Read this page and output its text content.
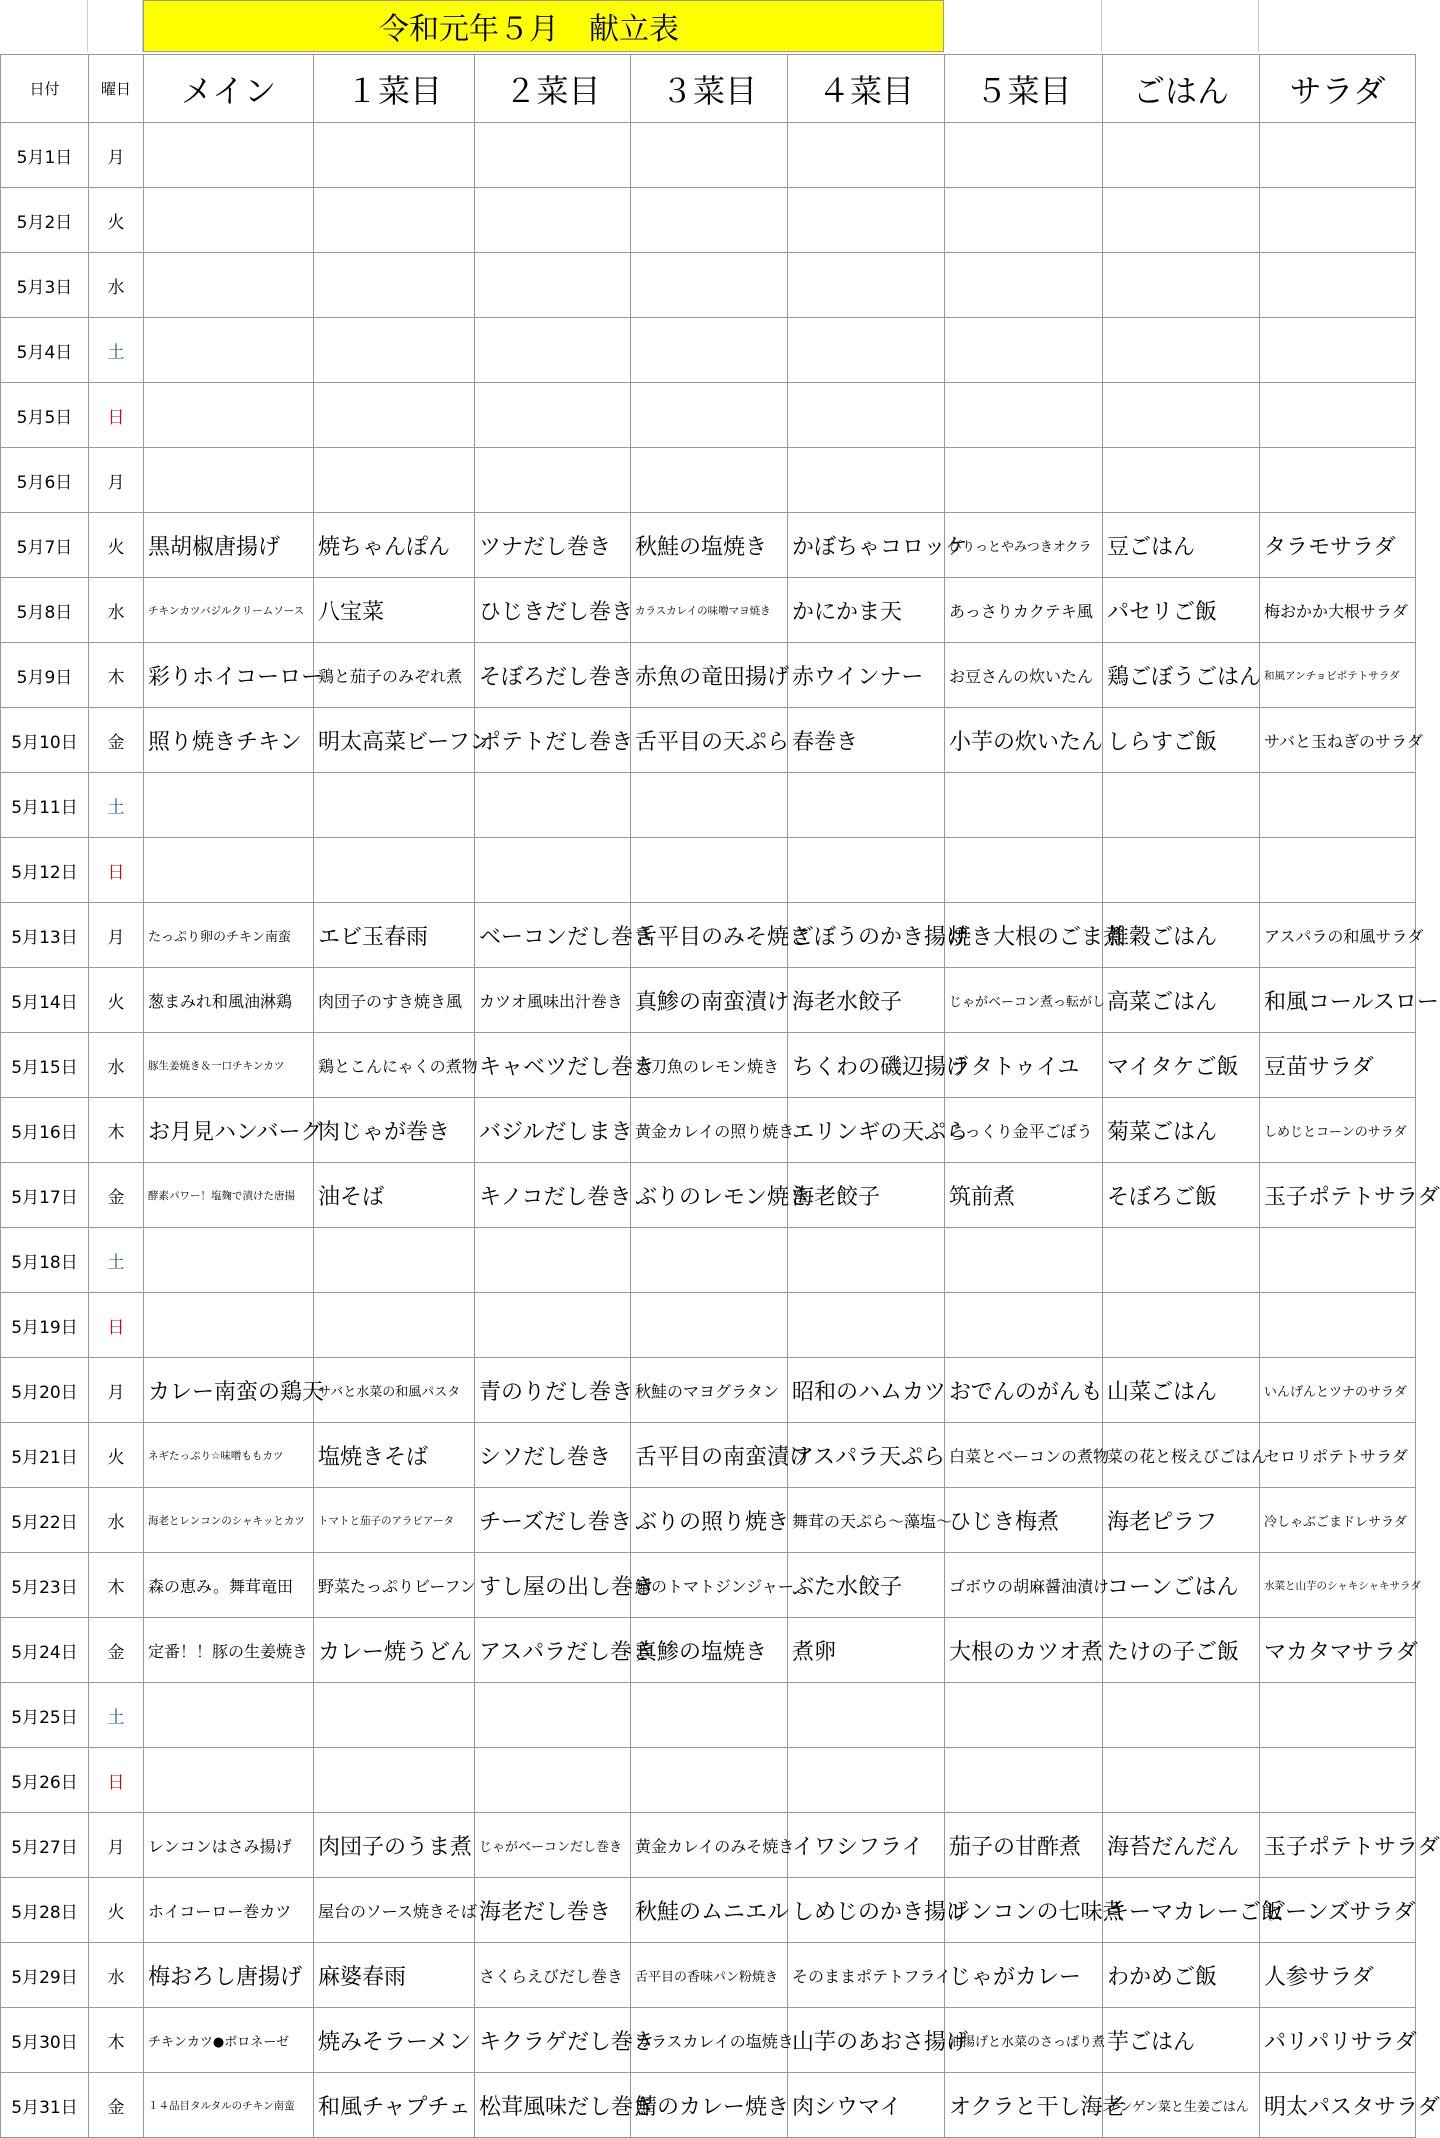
令和元年５月　献立表
日付	曜日	メイン	１菜目	２菜目	３菜目	４菜目	５菜目	ごはん	サラダ
5月1日	月								
5月2日	火								
5月3日	水								
5月4日	土								
5月5日	日								
5月6日	月								
5月7日	火	黒胡椒唐揚げ	焼ちゃんぽん	ツナだし巻き	秋鮭の塩焼き	かぼちゃコロッケ	ぴりっとやみつきオクラ	豆ごはん	タラモサラダ
5月8日	水	チキンカツバジルクリームソース	八宝菜	ひじきだし巻き	カラスカレイの味噌マヨ焼き	かにかま天	あっさりカクテキ風	パセリご飯	梅おかか大根サラダ
5月9日	木	彩りホイコーロー	鶏と茄子のみぞれ煮	そぼろだし巻き	赤魚の竜田揚げ	赤ウインナー	お豆さんの炊いたん	鶏ごぼうごはん	和風アンチョビポテトサラダ
5月10日	金	照り焼きチキン	明太高菜ビーフン	ポテトだし巻き	舌平目の天ぷら	春巻き	小芋の炊いたん	しらすご飯	サバと玉ねぎのサラダ
5月11日	土								
5月12日	日								
5月13日	月	たっぷり卵のチキン南蛮	エビ玉春雨	ベーコンだし巻き	舌平目のみそ焼き	ごぼうのかき揚げ	焼き大根のごま煮	雑穀ごはん	アスパラの和風サラダ
5月14日	火	葱まみれ和風油淋鶏	肉団子のすき焼き風	カツオ風味出汁巻き	真鯵の南蛮漬け	海老水餃子	じゃがベーコン煮っ転がし	高菜ごはん	和風コールスロー
5月15日	水	豚生姜焼き＆一口チキンカツ	鶏とこんにゃくの煮物	キャベツだし巻き	太刀魚のレモン焼き	ちくわの磯辺揚げ	ラタトゥイユ	マイタケご飯	豆苗サラダ
5月16日	木	お月見ハンバーグ	肉じゃが巻き	バジルだしまき	黄金カレイの照り焼き	エリンギの天ぷら	こっくり金平ごぼう	菊菜ごはん	しめじとコーンのサラダ
5月17日	金	酵素パワー！塩麹で漬けた唐揚	油そば	キノコだし巻き	ぶりのレモン焼き	海老餃子	筑前煮	そぼろご飯	玉子ポテトサラダ
5月18日	土								
5月19日	日								
5月20日	月	カレー南蛮の鶏天	サバと水菜の和風パスタ	青のりだし巻き	秋鮭のマヨグラタン	昭和のハムカツ	おでんのがんも	山菜ごはん	いんげんとツナのサラダ
5月21日	火	ネギたっぷり☆味噌ももカツ	塩焼きそば	シソだし巻き	舌平目の南蛮漬け	アスパラ天ぷら	白菜とベーコンの煮物	菜の花と桜えびごはん	セロリポテトサラダ
5月22日	水	海老とレンコンのシャキッとカツ	トマトと茄子のアラビアータ	チーズだし巻き	ぶりの照り焼き	舞茸の天ぷら～藻塩～	ひじき梅煮	海老ピラフ	冷しゃぶごまドレサラダ
5月23日	木	森の恵み。舞茸竜田	野菜たっぷりビーフン	すし屋の出し巻き	鯖のトマトジンジャー	ぶた水餃子	ゴボウの胡麻醤油漬け	コーンごはん	水菜と山芋のシャキシャキサラダ
5月24日	金	定番！！豚の生姜焼き	カレー焼うどん	アスパラだし巻き	真鯵の塩焼き	煮卵	大根のカツオ煮	たけの子ご飯	マカタマサラダ
5月25日	土								
5月26日	日								
5月27日	月	レンコンはさみ揚げ	肉団子のうま煮	じゃがベーコンだし巻き	黄金カレイのみそ焼き	イワシフライ	茄子の甘酢煮	海苔だんだん	玉子ポテトサラダ
5月28日	火	ホイコーロー巻カツ	屋台のソース焼きそば	海老だし巻き	秋鮭のムニエル	しめじのかき揚げ	レンコンの七味煮	キーマカレーご飯	ビーンズサラダ
5月29日	水	梅おろし唐揚げ	麻婆春雨	さくらえびだし巻き	舌平目の香味パン粉焼き	そのままポテトフライ	じゃがカレー	わかめご飯	人参サラダ
5月30日	木	チキンカツ●ボロネーゼ	焼みそラーメン	キクラゲだし巻き	カラスカレイの塩焼き	山芋のあおさ揚げ	油揚げと水菜のさっぱり煮	芋ごはん	パリパリサラダ
5月31日	金	１４品目タルタルのチキン南蛮	和風チャプチェ	松茸風味だし巻き	鯖のカレー焼き	肉シウマイ	オクラと干し海老	チンゲン菜と生姜ごはん	明太パスタサラダ
